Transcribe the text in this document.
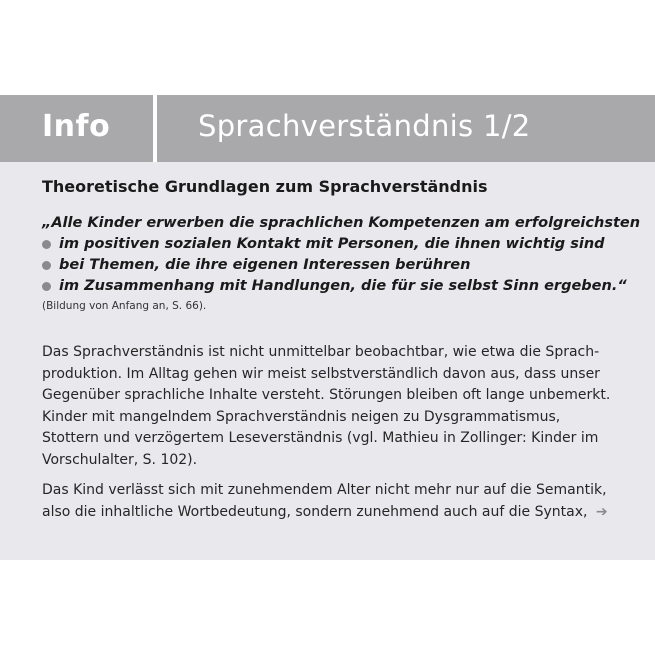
Info	Sprachverständnis 1/2
Theoretische Grundlagen zum Sprachverständnis
„Alle Kinder erwerben die sprachlichen Kompetenzen am erfolgreichsten
im positiven sozialen Kontakt mit Personen, die ihnen wichtig sind
bei Themen, die ihre eigenen Interessen berühren
im Zusammenhang mit Handlungen, die für sie selbst Sinn ergeben.“
(Bildung von Anfang an, S. 66).
Das Sprachverständnis ist nicht unmittelbar beobachtbar, wie etwa die Sprach-
produktion. Im Alltag gehen wir meist selbstverständlich davon aus, dass unser
Gegenüber sprachliche Inhalte versteht. Störungen bleiben oft lange unbemerkt.
Kinder mit mangelndem Sprachverständnis neigen zu Dysgrammatismus,
Stottern und verzögertem Leseverständnis (vgl. Mathieu in Zollinger: Kinder im
Vorschulalter, S. 102).
Das Kind verlässt sich mit zunehmendem Alter nicht mehr nur auf die Semantik,
also die inhaltliche Wortbedeutung, sondern zunehmend auch auf die Syntax, ➔
